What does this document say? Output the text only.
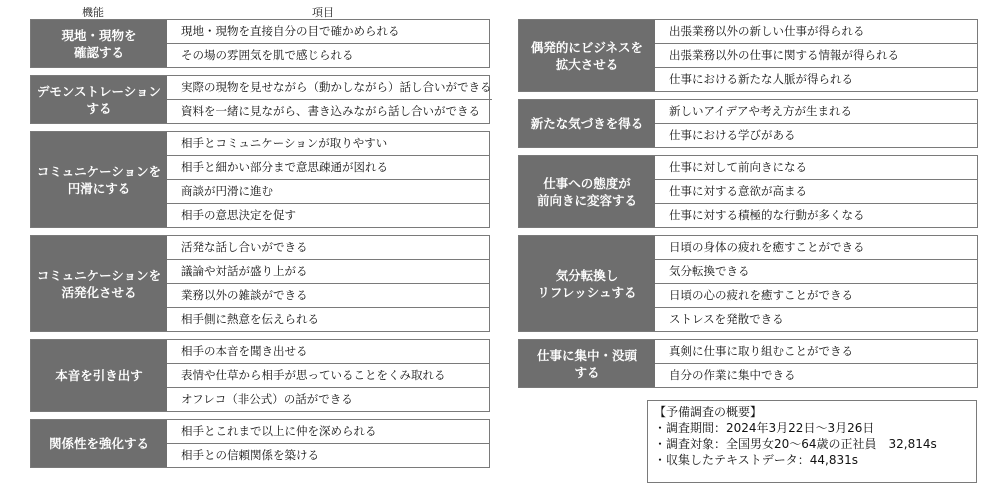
機能	項目
現地・現物を
確認する
現地・現物を直接自分の目で確かめられる
その場の雰囲気を肌で感じられる
デモンストレーション
する
実際の現物を見せながら（動かしながら）話し合いができる
資料を一緒に見ながら、書き込みながら話し合いができる
コミュニケーションを
円滑にする
相手とコミュニケーションが取りやすい
相手と細かい部分まで意思疎通が図れる
商談が円滑に進む
相手の意思決定を促す
コミュニケーションを
活発化させる
活発な話し合いができる
議論や対話が盛り上がる
業務以外の雑談ができる
相手側に熱意を伝えられる
本音を引き出す
相手の本音を聞き出せる
表情や仕草から相手が思っていることをくみ取れる
オフレコ（非公式）の話ができる
関係性を強化する
相手とこれまで以上に仲を深められる
相手との信頼関係を築ける
偶発的にビジネスを
拡大させる
出張業務以外の新しい仕事が得られる
出張業務以外の仕事に関する情報が得られる
仕事における新たな人脈が得られる
新たな気づきを得る
新しいアイデアや考え方が生まれる
仕事における学びがある
仕事への態度が
前向きに変容する
仕事に対して前向きになる
仕事に対する意欲が高まる
仕事に対する積極的な行動が多くなる
気分転換し
リフレッシュする
日頃の身体の疲れを癒すことができる
気分転換できる
日頃の心の疲れを癒すことができる
ストレスを発散できる
仕事に集中・没頭
する
真剣に仕事に取り組むことができる
自分の作業に集中できる
【予備調査の概要】
・調査期間：2024年3月22日～3月26日
・調査対象：全国男女20～64歳の正社員　32,814s
・収集したテキストデータ：44,831s
